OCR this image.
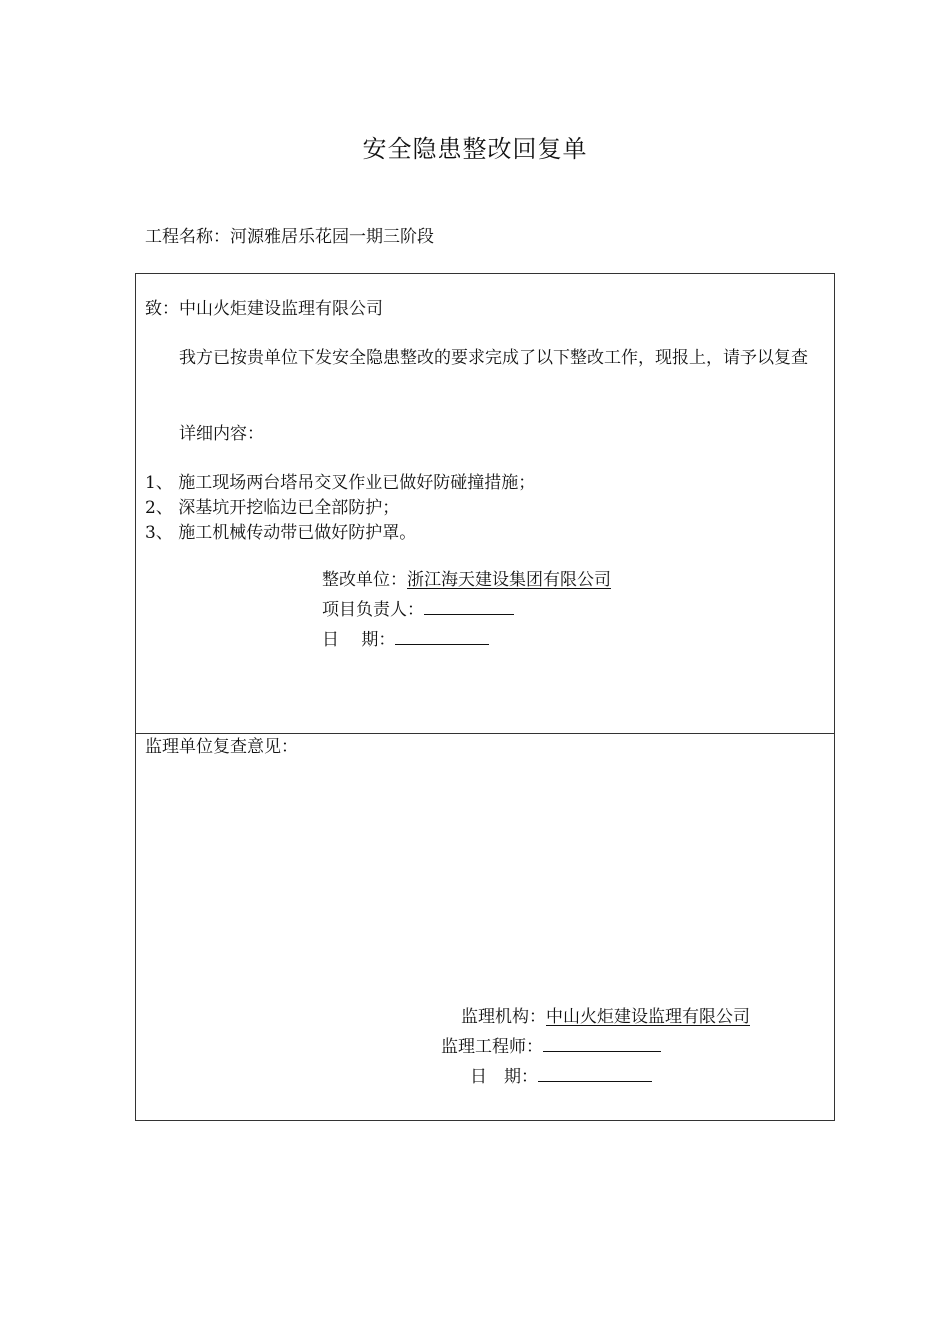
安全隐患整改回复单
工程名称：河源雅居乐花园一期三阶段
致：中山火炬建设监理有限公司
我方已按贵单位下发安全隐患整改的要求完成了以下整改工作，现报上，请予以复查
详细内容：
1、 施工现场两台塔吊交叉作业已做好防碰撞措施；
2、 深基坑开挖临边已全部防护；
3、 施工机械传动带已做好防护罩。
整改单位：浙江海天建设集团有限公司
项目负责人：
日　 期：
监理单位复查意见：
监理机构：中山火炬建设监理有限公司
监理工程师：
日　期：
